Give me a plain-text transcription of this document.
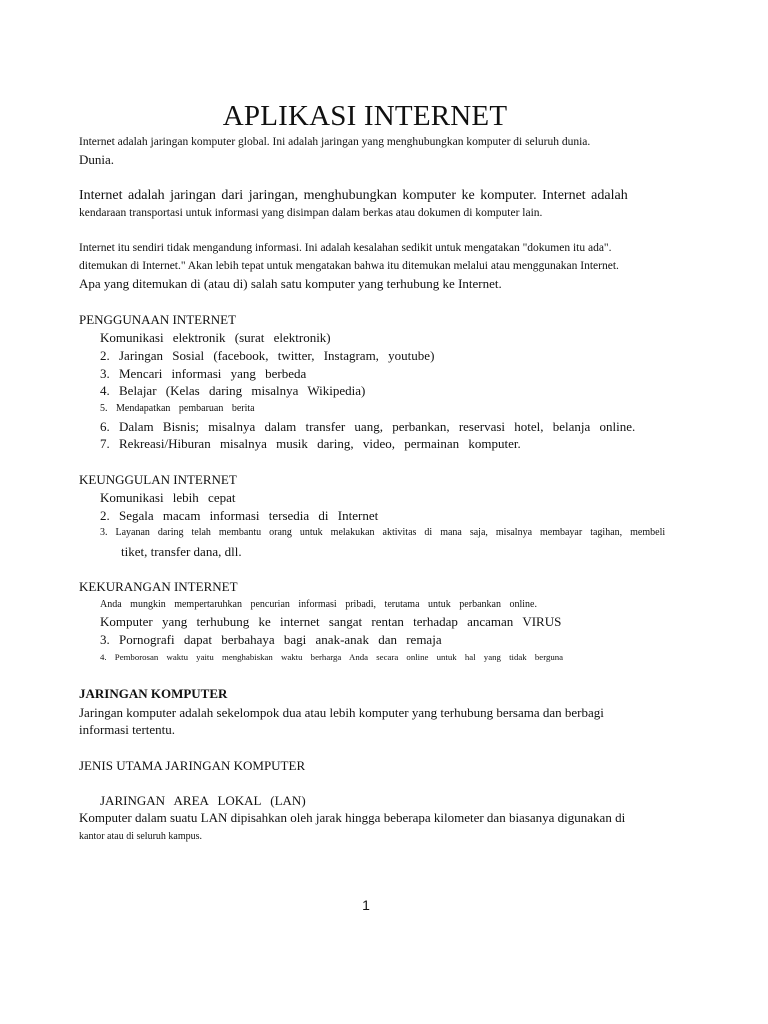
APLIKASI INTERNET
Internet adalah jaringan komputer global. Ini adalah jaringan yang menghubungkan komputer di seluruh dunia.
Dunia.
Internet adalah jaringan dari jaringan, menghubungkan komputer ke komputer. Internet adalah
kendaraan transportasi untuk informasi yang disimpan dalam berkas atau dokumen di komputer lain.
Internet itu sendiri tidak mengandung informasi. Ini adalah kesalahan sedikit untuk mengatakan "dokumen itu ada".
ditemukan di Internet." Akan lebih tepat untuk mengatakan bahwa itu ditemukan melalui atau menggunakan Internet.
Apa yang ditemukan di (atau di) salah satu komputer yang terhubung ke Internet.
PENGGUNAAN INTERNET
Komunikasi elektronik (surat elektronik)
2. Jaringan Sosial (facebook, twitter, Instagram, youtube)
3. Mencari informasi yang berbeda
4. Belajar (Kelas daring misalnya Wikipedia)
5. Mendapatkan pembaruan berita
6. Dalam Bisnis; misalnya dalam transfer uang, perbankan, reservasi hotel, belanja online.
7. Rekreasi/Hiburan misalnya musik daring, video, permainan komputer.
KEUNGGULAN INTERNET
Komunikasi lebih cepat
2. Segala macam informasi tersedia di Internet
3. Layanan daring telah membantu orang untuk melakukan aktivitas di mana saja, misalnya membayar tagihan, membeli
tiket, transfer dana, dll.
KEKURANGAN INTERNET
Anda mungkin mempertaruhkan pencurian informasi pribadi, terutama untuk perbankan online.
Komputer yang terhubung ke internet sangat rentan terhadap ancaman VIRUS
3. Pornografi dapat berbahaya bagi anak-anak dan remaja
4. Pemborosan waktu yaitu menghabiskan waktu berharga Anda secara online untuk hal yang tidak berguna
JARINGAN KOMPUTER
Jaringan komputer adalah sekelompok dua atau lebih komputer yang terhubung bersama dan berbagi
informasi tertentu.
JENIS UTAMA JARINGAN KOMPUTER
JARINGAN AREA LOKAL (LAN)
Komputer dalam suatu LAN dipisahkan oleh jarak hingga beberapa kilometer dan biasanya digunakan di
kantor atau di seluruh kampus.
1
